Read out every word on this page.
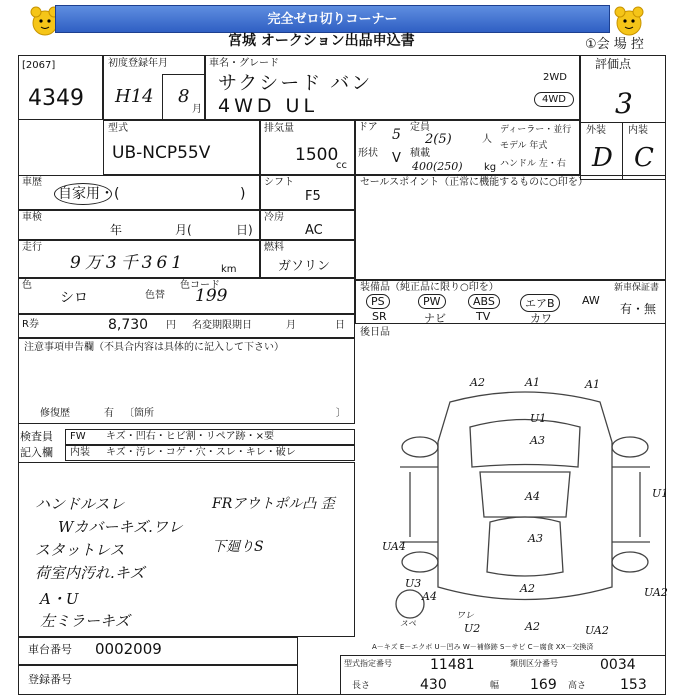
完全ゼロ切りコーナー
宮城 オークション出品申込書	①会 場 控
[2067]
4349
初度登録年月
H14 8
月
車名・グレード
サクシード バン
4WD UL
2WD
4WD
評価点
3
外装 内装
D C
型式
UB-NCP55V
排気量
1500
cc
ドア 5 定員
2(5)	人
形状 V 積載
400(250) kg
ディーラー・並行
モデル 年式
ハンドル 左・右
車歴
自家用・(	)
シフト
F5
セールスポイント（正常に機能するものに○印を）
車検
年	月(	日)
冷房
AC
走行
9万3千361	km
燃料
ガソリン
色
シロ	色替
色コード
199	装備品（純正品に限り○印を）	新車保証書
PS	PW	ABS	エアB	AW
SR	ナビ	TV	カワ
有・無
R券	8,730 円 名変期限期日	月	日
後日品
注意事項申告欄（不具合内容は具体的に記入して下さい）
修復歴	有 〔箇所	〕
検査員
記入欄
FW キズ・凹右・ヒビ割・リペア跡・×要
内装 キズ・汚レ・コゲ・穴・スレ・キレ・破レ
ハンドルスレ
Wカバーキズ.ワレ
スタットレス
荷室内汚れ.キズ
A・U
左ミラーキズ
FRアウトポル凸 歪
下廻りS
A2	A1	A1
U1
A3
A4	U1
UA4
A3
U3
A4
A2	UA2
スペ
ワレ
U2	A2	UA2
A－キズ E－エクボ U－凹み W－補修跡 S－サビ C－腐食 XX－交換済
車台番号 0002009
登録番号
型式指定番号	11481	類別区分番号	0034
長さ	430	幅 169 高さ 153
